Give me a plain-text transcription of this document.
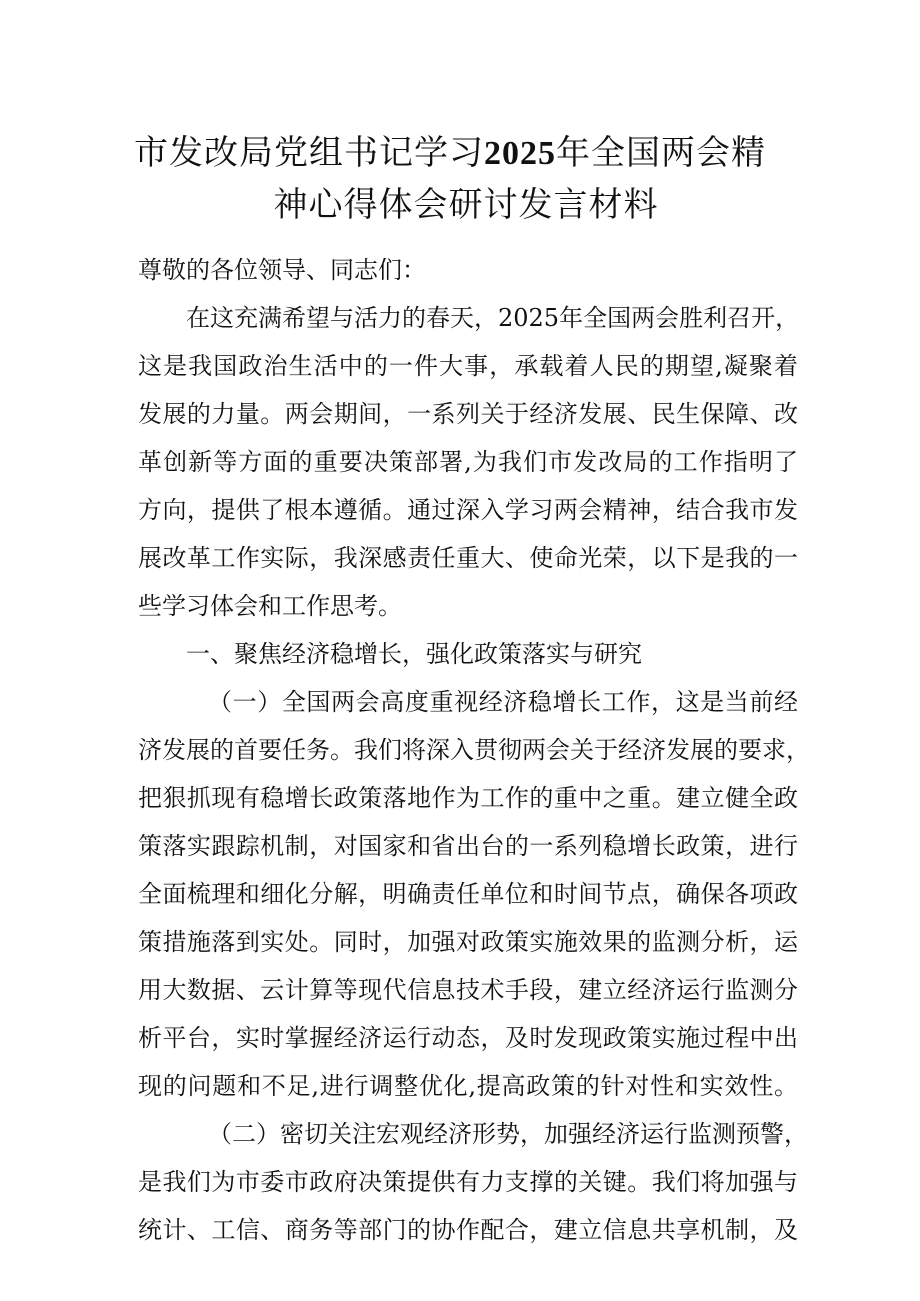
市发改局党组书记学习2025年全国两会精
神心得体会研讨发言材料
尊敬的各位领导、同志们：
在这充满希望与活力的春天，2025年全国两会胜利召开，
这是我国政治生活中的一件大事，承载着人民的期望,凝聚着
发展的力量。两会期间，一系列关于经济发展、民生保障、改
革创新等方面的重要决策部署,为我们市发改局的工作指明了
方向，提供了根本遵循。通过深入学习两会精神，结合我市发
展改革工作实际，我深感责任重大、使命光荣，以下是我的一
些学习体会和工作思考。
一、聚焦经济稳增长，强化政策落实与研究
（一）全国两会高度重视经济稳增长工作，这是当前经
济发展的首要任务。我们将深入贯彻两会关于经济发展的要求，
把狠抓现有稳增长政策落地作为工作的重中之重。建立健全政
策落实跟踪机制，对国家和省出台的一系列稳增长政策，进行
全面梳理和细化分解，明确责任单位和时间节点，确保各项政
策措施落到实处。同时，加强对政策实施效果的监测分析，运
用大数据、云计算等现代信息技术手段，建立经济运行监测分
析平台，实时掌握经济运行动态，及时发现政策实施过程中出
现的问题和不足,进行调整优化,提高政策的针对性和实效性。
（二）密切关注宏观经济形势，加强经济运行监测预警，
是我们为市委市政府决策提供有力支撑的关键。我们将加强与
统计、工信、商务等部门的协作配合，建立信息共享机制，及
